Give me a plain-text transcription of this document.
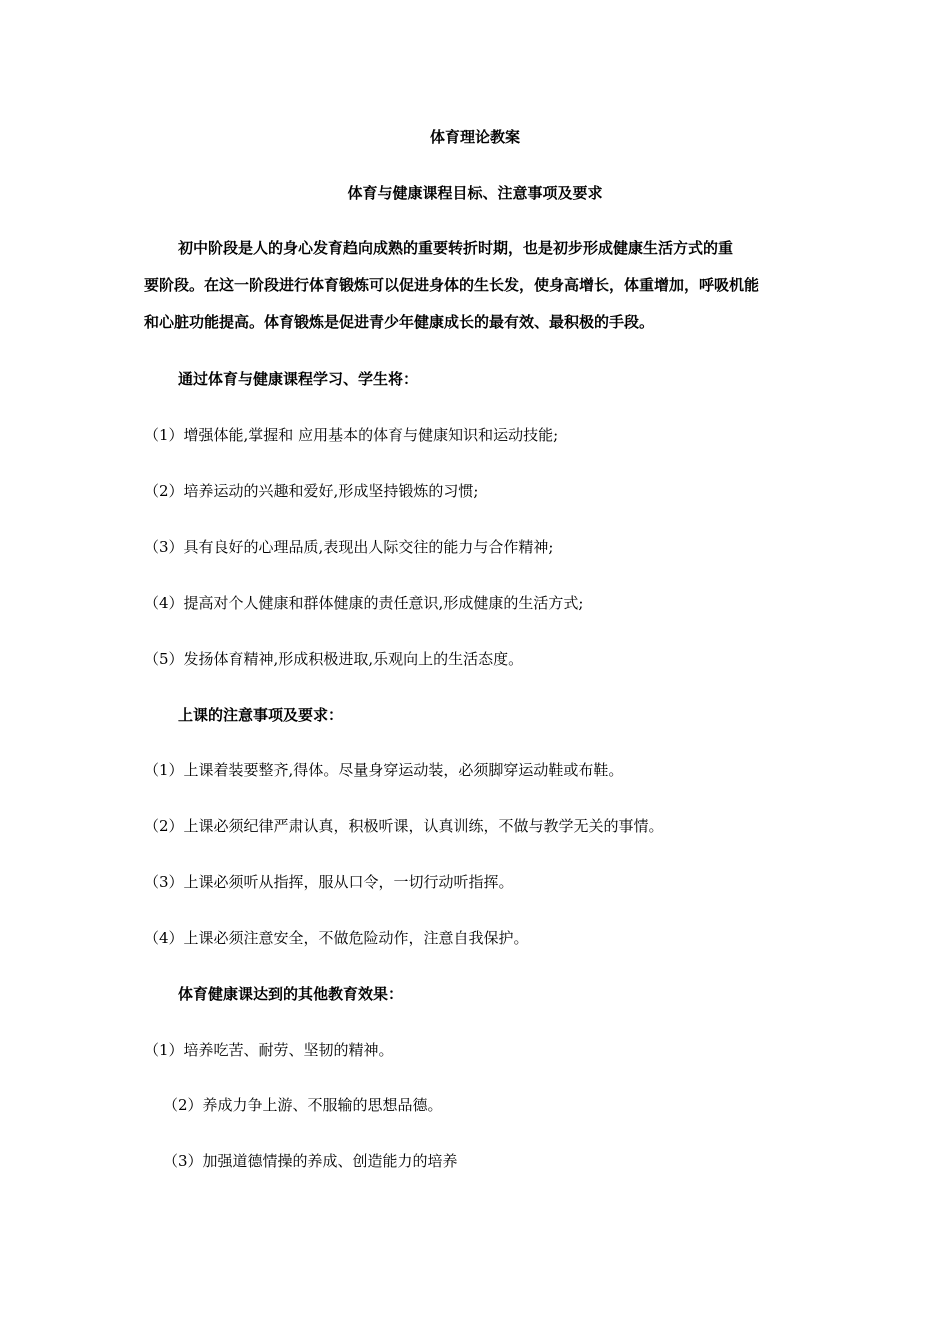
体育理论教案
体育与健康课程目标、注意事项及要求
初中阶段是人的身心发育趋向成熟的重要转折时期，也是初步形成健康生活方式的重
要阶段。在这一阶段进行体育锻炼可以促进身体的生长发，使身高增长，体重增加，呼吸机能
和心脏功能提高。体育锻炼是促进青少年健康成长的最有效、最积极的手段。
通过体育与健康课程学习、学生将：
（1）增强体能,掌握和 应用基本的体育与健康知识和运动技能;
（2）培养运动的兴趣和爱好,形成坚持锻炼的习惯;
（3）具有良好的心理品质,表现出人际交往的能力与合作精神;
（4）提高对个人健康和群体健康的责任意识,形成健康的生活方式;
（5）发扬体育精神,形成积极进取,乐观向上的生活态度。
上课的注意事项及要求：
（1）上课着装要整齐,得体。尽量身穿运动装，必须脚穿运动鞋或布鞋。
（2）上课必须纪律严肃认真，积极听课，认真训练，不做与教学无关的事情。
（3）上课必须听从指挥，服从口令，一切行动听指挥。
（4）上课必须注意安全，不做危险动作，注意自我保护。
体育健康课达到的其他教育效果：
（1）培养吃苦、耐劳、坚韧的精神。
（2）养成力争上游、不服输的思想品德。
（3）加强道德情操的养成、创造能力的培养
